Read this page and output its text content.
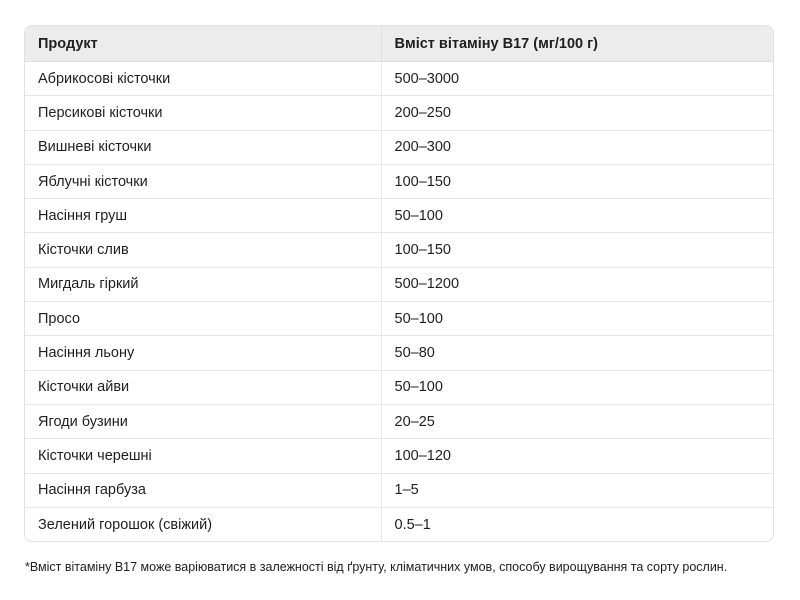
Продукт	Вміст вітаміну B17 (мг/100 г)
Абрикосові кісточки	500–3000
Персикові кісточки	200–250
Вишневі кісточки	200–300
Яблучні кісточки	100–150
Насіння груш	50–100
Кісточки слив	100–150
Мигдаль гіркий	500–1200
Просо	50–100
Насіння льону	50–80
Кісточки айви	50–100
Ягоди бузини	20–25
Кісточки черешні	100–120
Насіння гарбуза	1–5
Зелений горошок (свіжий)	0.5–1
*Вміст вітаміну B17 може варіюватися в залежності від ґрунту, кліматичних умов, способу вирощування та сорту рослин.
